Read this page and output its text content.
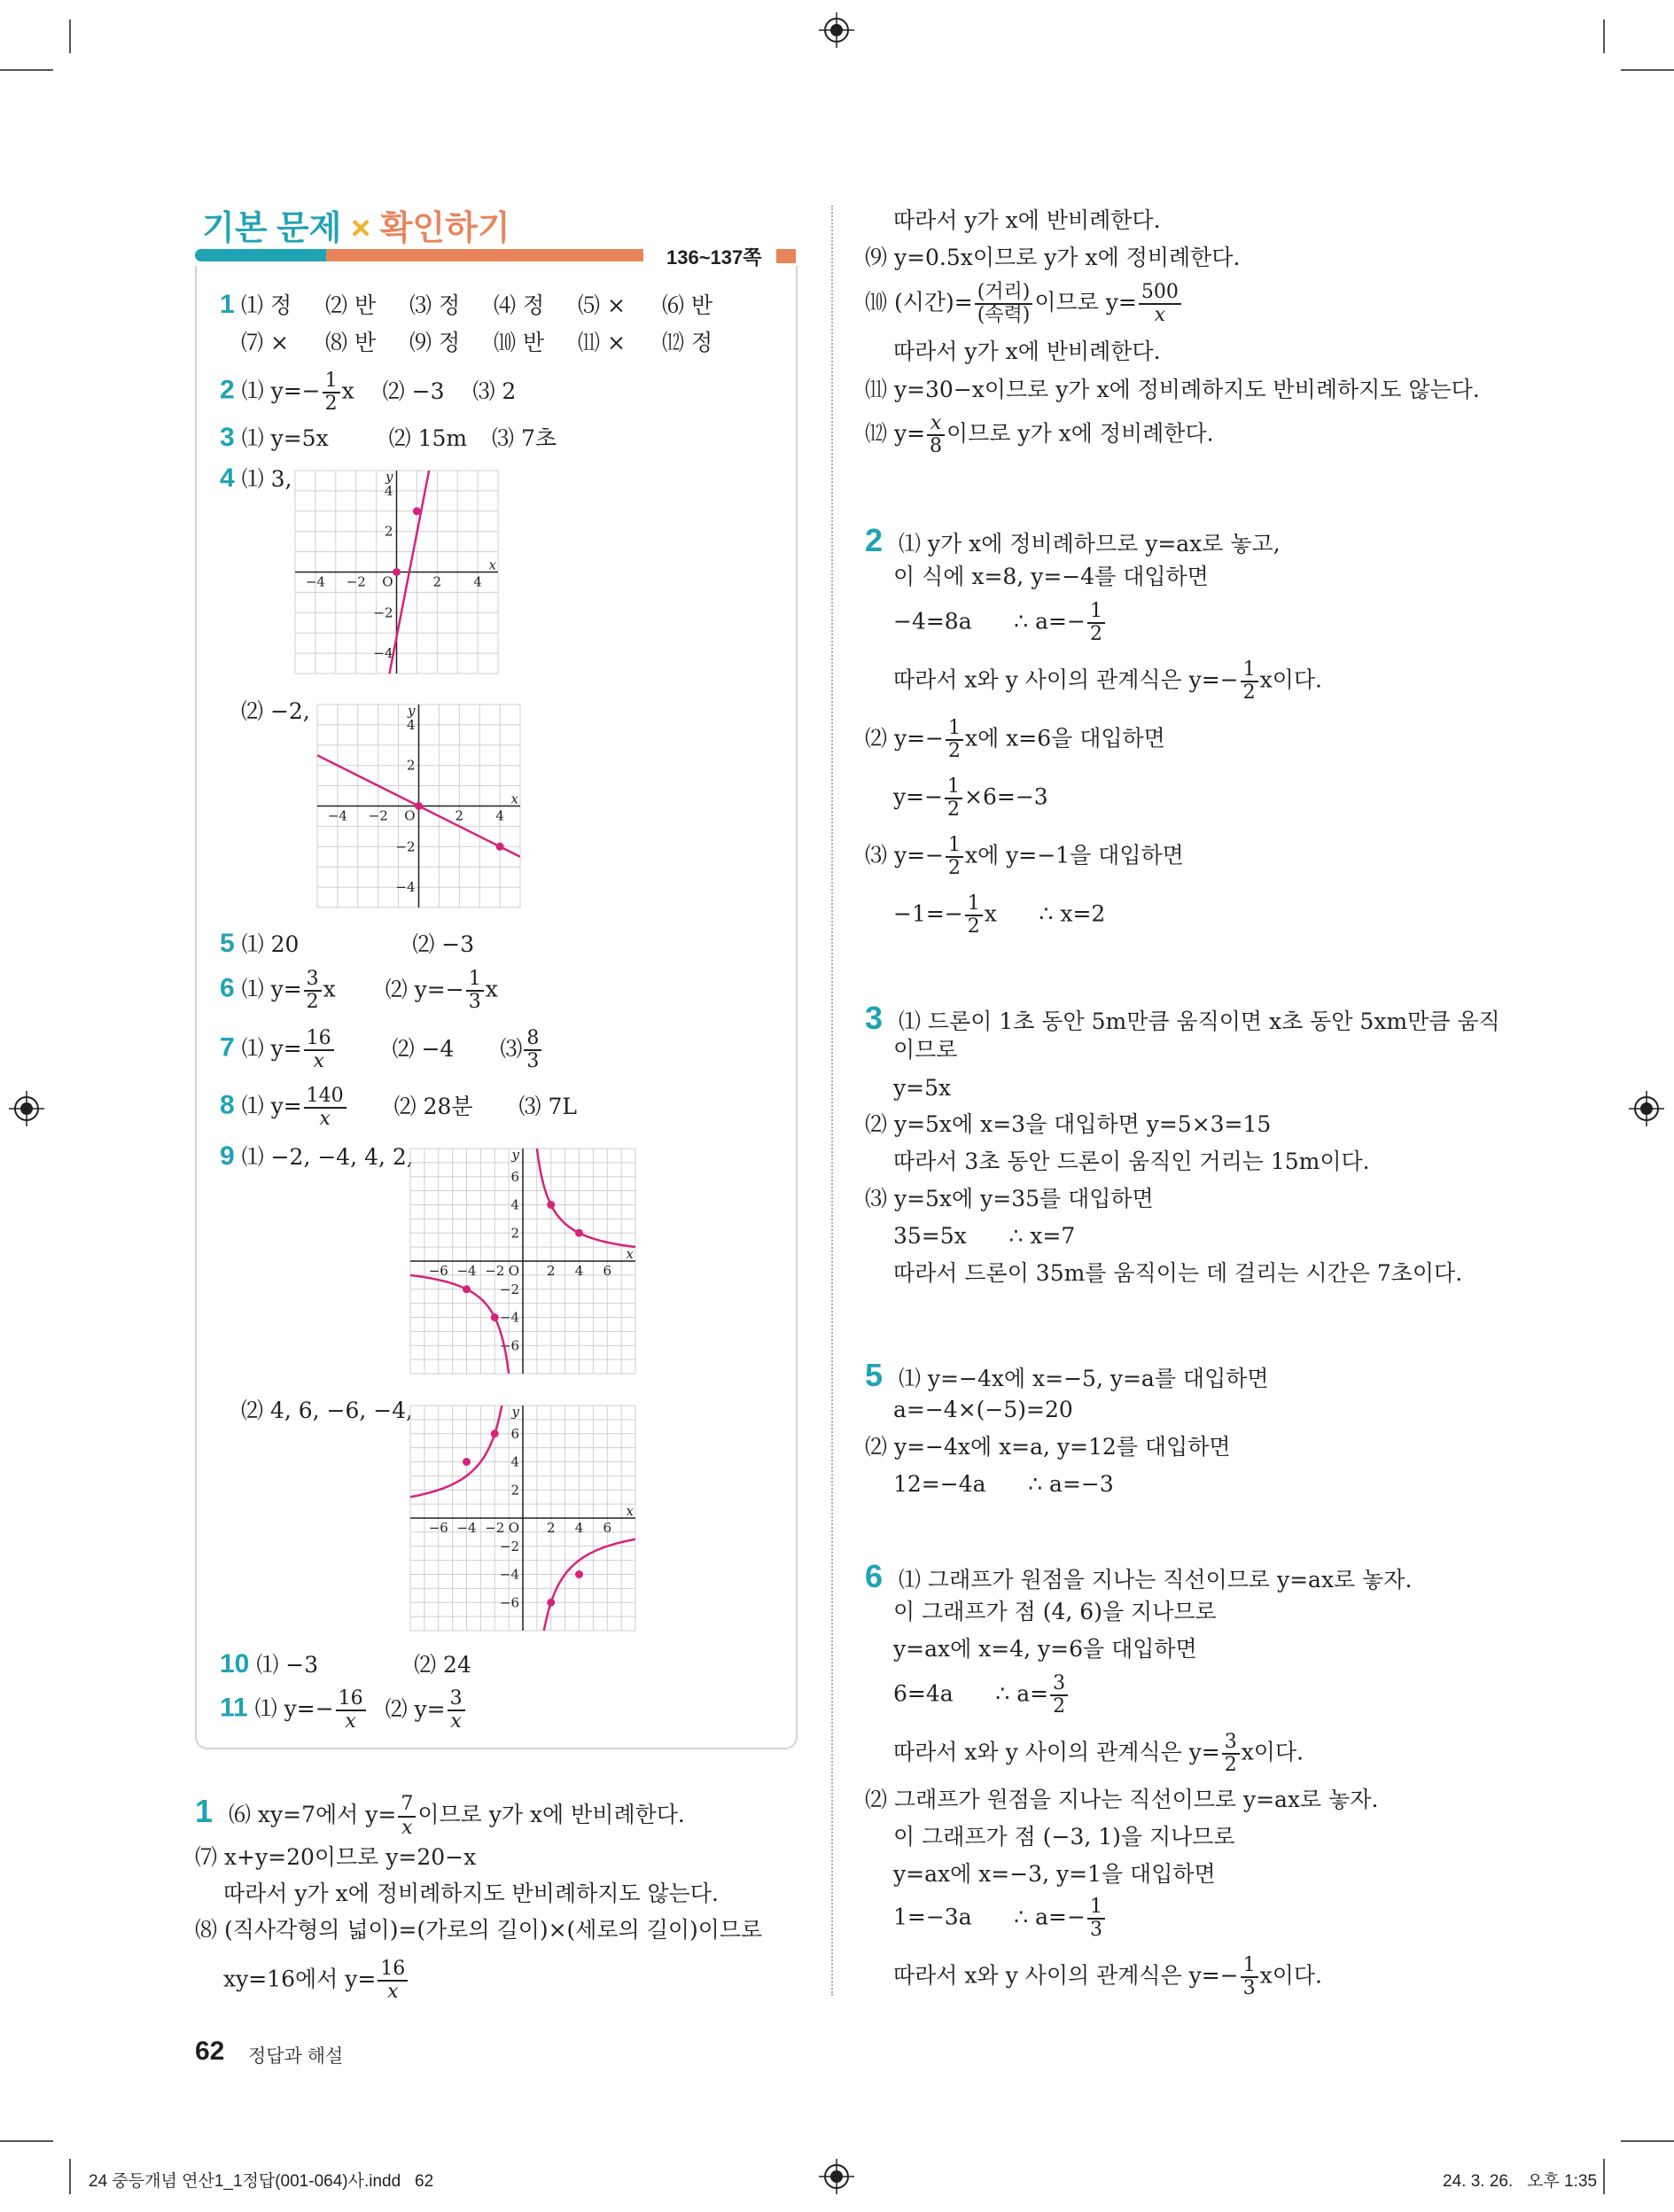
기본 문제 × 확인하기
136~137쪽
1 ⑴ 정 ⑵ 반 ⑶ 정 ⑷ 정 ⑸ × ⑹ 반
⑺ × ⑻ 반 ⑼ 정 ⑽ 반 ⑾ × ⑿ 정
2 ⑴ $y=- \frac{1}{2}$ x ⑵ −3 ⑶ 2
3 ⑴ y=5x	⑵ 15m ⑶ 7초
4 ⑴ 3,
⑵ −2,
−4 −2	2 4
4
2
−2
−4
O
x
y
−4 −2	2 4
4
2
−2
−4
O
x
y
5 ⑴ 20	⑵ −3
6 ⑴ $y= \frac{3}{2}$ x ⑵ $y=- \frac{1}{3}$ x
7 ⑴ $y= \frac{16}{x}$	⑵ −4 ⑶ $\frac{8}{3}$
8 ⑴ $y= \frac{140}{x}$ ⑵ 28분 ⑶ 7L
9 ⑴ −2, −4, 4, 2,
⑵ 4, 6, −6, −4,
−6 −4 −2	2 4 6
6
4
2
−2
−4
−6
O
x
y
−6 −4 −2	2 4 6
6
4
2
−2
−4
−6
O
x
y
10 ⑴ −3	⑵ 24
11 ⑴ $y=- \frac{16}{x}$ ⑵ $y= \frac{3}{x}$
1 ⑹ xy=7에서 $y= \frac{7}{x}$ 이므로 y가 x에 반비례한다.
⑺ x+y=20이므로 y=20−x
따라서 y가 x에 정비례하지도 반비례하지도 않는다.
⑻ (직사각형의 넓이)=(가로의 길이)×(세로의 길이)이므로
xy=16에서 $y= \frac{16}{x}$
따라서 y가 x에 반비례한다.
⑼ y=0.5x이므로 y가 x에 정비례한다.
⑽ (시간)= $\frac{\text{(거리)}}{\text{(속력)}}$ 이므로 $y= \frac{500}{x}$
따라서 y가 x에 반비례한다.
⑾ y=30−x이므로 y가 x에 정비례하지도 반비례하지도 않는다.
⑿ $y= \frac{x}{8}$ 이므로 y가 x에 정비례한다.
2 ⑴ y가 x에 정비례하므로 y=ax로 놓고,
이 식에 x=8, y=−4를 대입하면
−4=8a      ∴ $a=- \frac{1}{2}$
따라서 x와 y 사이의 관계식은 $y=- \frac{1}{2}$ x이다.
⑵ $y=- \frac{1}{2}$ x에 x=6을 대입하면
$y=- \frac{1}{2} \times 6=-3$
⑶ $y=- \frac{1}{2}$ x에 y=−1을 대입하면
$-1=- \frac{1}{2}$ x      ∴ x=2
3 ⑴ 드론이 1초 동안 5m만큼 움직이면 x초 동안 5xm만큼 움직
이므로
y=5x
⑵ y=5x에 x=3을 대입하면 y=5×3=15
따라서 3초 동안 드론이 움직인 거리는 15m이다.
⑶ y=5x에 y=35를 대입하면
35=5x      ∴ x=7
따라서 드론이 35m를 움직이는 데 걸리는 시간은 7초이다.
5 ⑴ y=−4x에 x=−5, y=a를 대입하면
a=−4×(−5)=20
⑵ y=−4x에 x=a, y=12를 대입하면
12=−4a      ∴ a=−3
6 ⑴ 그래프가 원점을 지나는 직선이므로 y=ax로 놓자.
이 그래프가 점 (4, 6)을 지나므로
y=ax에 x=4, y=6을 대입하면
6=4a      ∴ $a= \frac{3}{2}$
따라서 x와 y 사이의 관계식은 $y= \frac{3}{2}$ x이다.
⑵ 그래프가 원점을 지나는 직선이므로 y=ax로 놓자.
이 그래프가 점 (−3, 1)을 지나므로
y=ax에 x=−3, y=1을 대입하면
1=−3a      ∴ $a=- \frac{1}{3}$
따라서 x와 y 사이의 관계식은 $y=- \frac{1}{3}$ x이다.
62 정답과 해설
24 중등개념 연산1_1정답(001-064)사.indd   62	24. 3. 26.   오후 1:35
